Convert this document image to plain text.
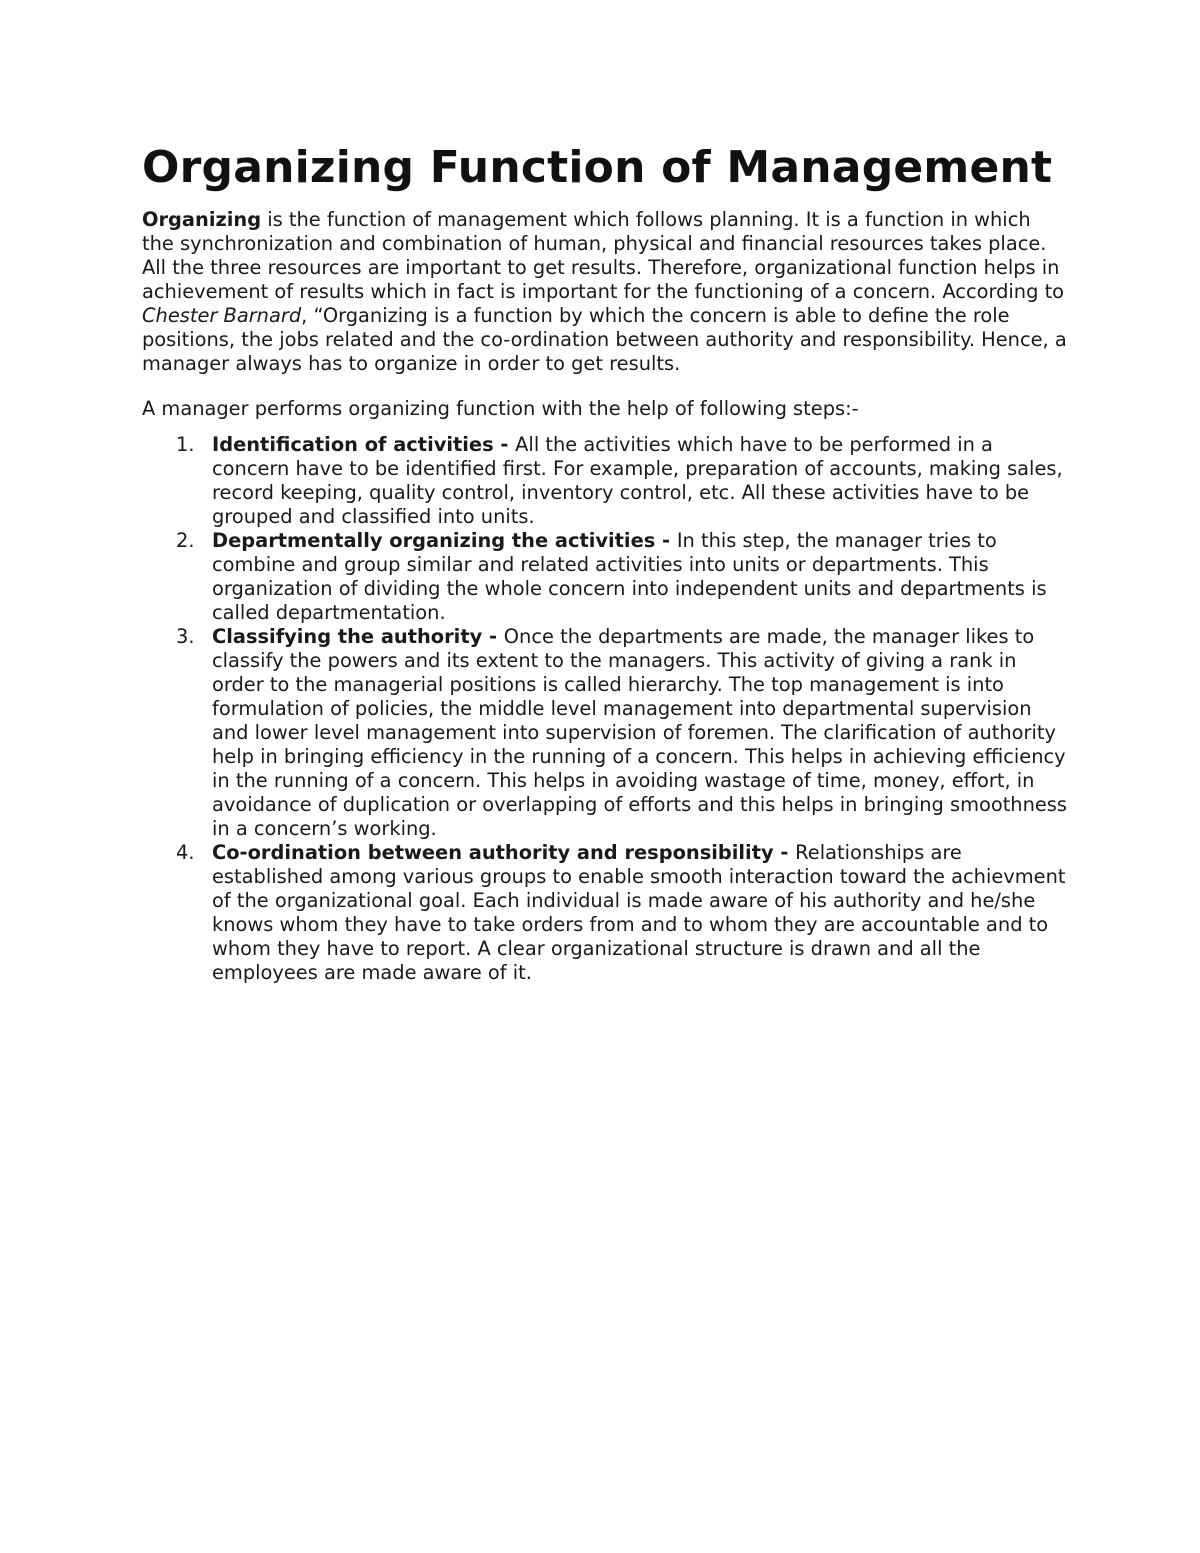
Organizing Function of Management

Organizing is the function of management which follows planning. It is a function in which the synchronization and combination of human, physical and financial resources takes place. All the three resources are important to get results. Therefore, organizational function helps in achievement of results which in fact is important for the functioning of a concern. According to Chester Barnard, “Organizing is a function by which the concern is able to define the role positions, the jobs related and the co-ordination between authority and responsibility. Hence, a manager always has to organize in order to get results.

A manager performs organizing function with the help of following steps:-

1. Identification of activities - All the activities which have to be performed in a concern have to be identified first. For example, preparation of accounts, making sales, record keeping, quality control, inventory control, etc. All these activities have to be grouped and classified into units.
2. Departmentally organizing the activities - In this step, the manager tries to combine and group similar and related activities into units or departments. This organization of dividing the whole concern into independent units and departments is called departmentation.
3. Classifying the authority - Once the departments are made, the manager likes to classify the powers and its extent to the managers. This activity of giving a rank in order to the managerial positions is called hierarchy. The top management is into formulation of policies, the middle level management into departmental supervision and lower level management into supervision of foremen. The clarification of authority help in bringing efficiency in the running of a concern. This helps in achieving efficiency in the running of a concern. This helps in avoiding wastage of time, money, effort, in avoidance of duplication or overlapping of efforts and this helps in bringing smoothness in a concern’s working.
4. Co-ordination between authority and responsibility - Relationships are established among various groups to enable smooth interaction toward the achievment of the organizational goal. Each individual is made aware of his authority and he/she knows whom they have to take orders from and to whom they are accountable and to whom they have to report. A clear organizational structure is drawn and all the employees are made aware of it.
